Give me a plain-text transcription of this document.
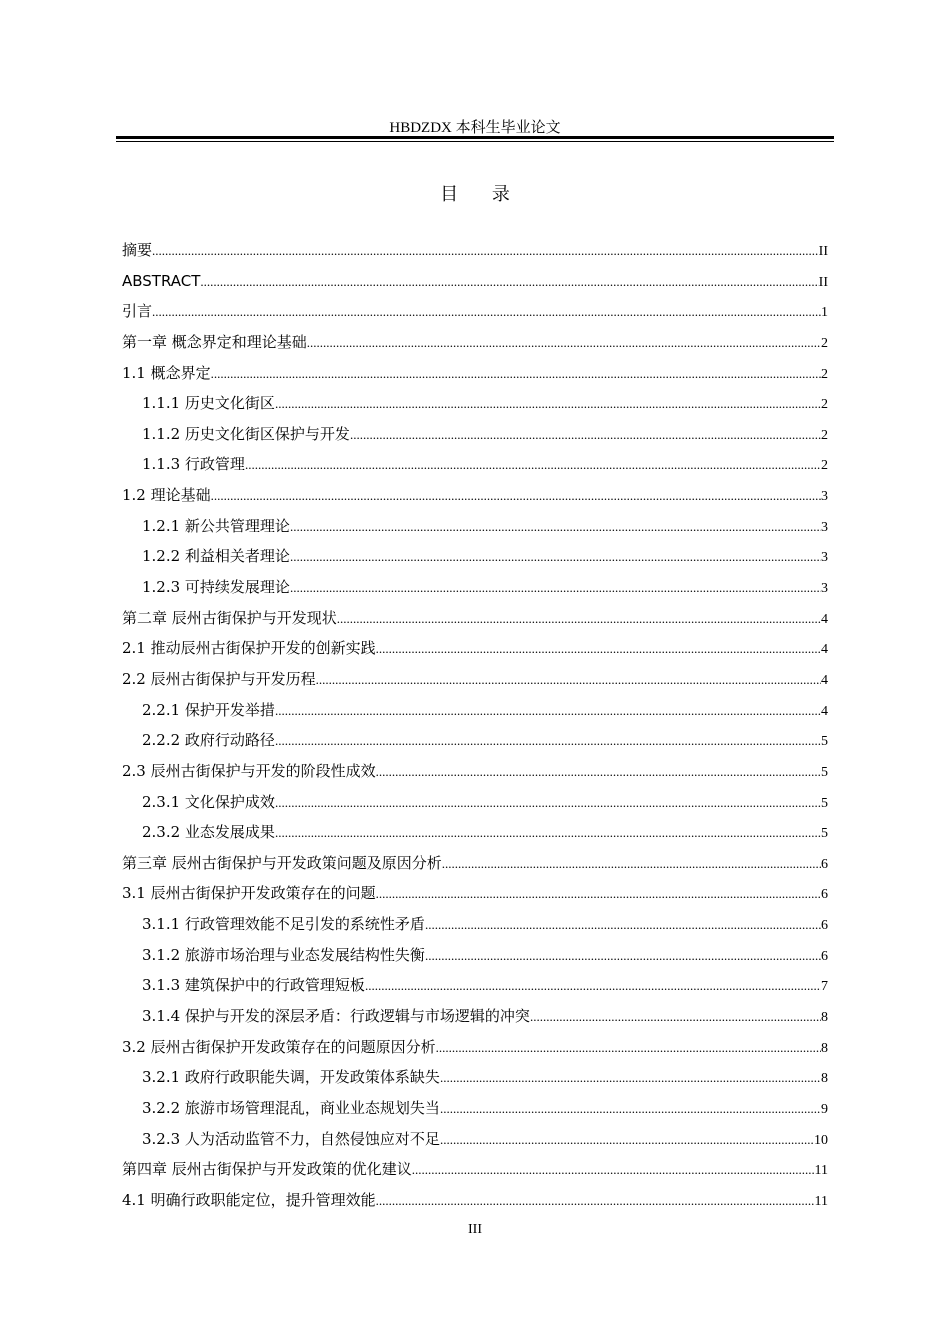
HBDZDX 本科生毕业论文
目 录
摘要 .....	II
ABSTRACT .....	II
引言 .....	1
第一章 概念界定和理论基础 .....	2
1.1 概念界定 .....	2
1.1.1 历史文化街区 .....	2
1.1.2 历史文化街区保护与开发 .....	2
1.1.3 行政管理 .....	2
1.2 理论基础 .....	3
1.2.1 新公共管理理论 .....	3
1.2.2 利益相关者理论 .....	3
1.2.3 可持续发展理论 .....	3
第二章 辰州古街保护与开发现状 .....	4
2.1 推动辰州古街保护开发的创新实践 .....	4
2.2 辰州古街保护与开发历程 .....	4
2.2.1 保护开发举措 .....	4
2.2.2 政府行动路径 .....	5
2.3 辰州古街保护与开发的阶段性成效 .....	5
2.3.1 文化保护成效 .....	5
2.3.2 业态发展成果 .....	5
第三章 辰州古街保护与开发政策问题及原因分析 .....	6
3.1 辰州古街保护开发政策存在的问题 .....	6
3.1.1 行政管理效能不足引发的系统性矛盾 .....	6
3.1.2 旅游市场治理与业态发展结构性失衡 .....	6
3.1.3 建筑保护中的行政管理短板 .....	7
3.1.4 保护与开发的深层矛盾：行政逻辑与市场逻辑的冲突 .....	8
3.2 辰州古街保护开发政策存在的问题原因分析 .....	8
3.2.1 政府行政职能失调，开发政策体系缺失 .....	8
3.2.2 旅游市场管理混乱，商业业态规划失当 .....	9
3.2.3 人为活动监管不力，自然侵蚀应对不足 .....	10
第四章 辰州古街保护与开发政策的优化建议 .....	11
4.1 明确行政职能定位，提升管理效能 .....	11
III
